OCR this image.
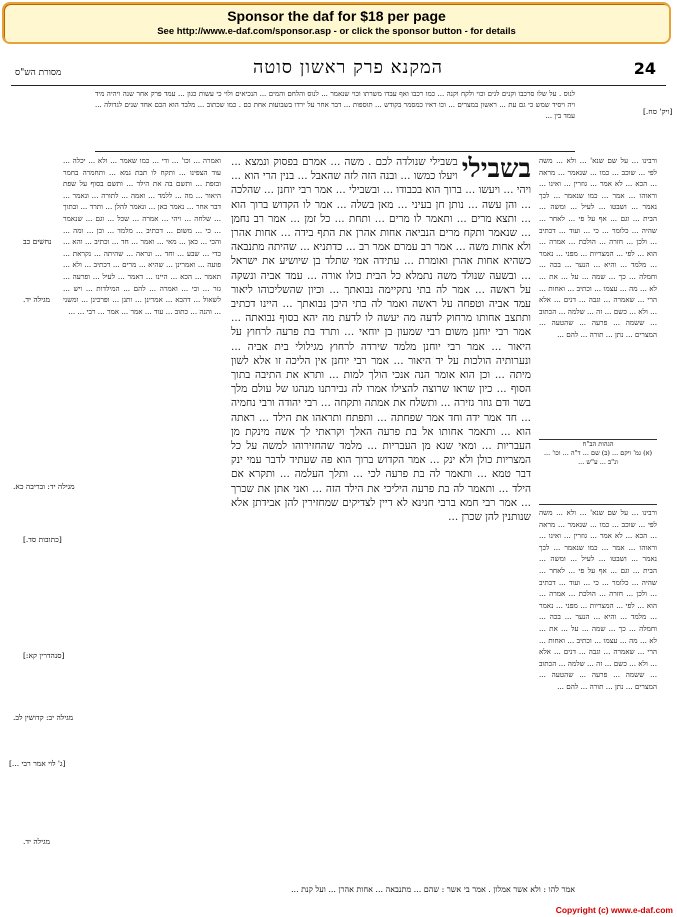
Sponsor the daf for $18 per page
See http://www.e-daf.com/sponsor.asp - or click the sponsor button - for details
24
המקנא פרק ראשון סוטה
מסורת הש"ס

לנוס . על שלו סרכבו וקנים לנים וכוי ולקח וקנה ... כמו רכבו ואף עבדו משרתו וכוי שנאמר ... לנוס והלחם והמים ... הנכיאים ולוי כי עשות כגון ... עמד פרק אחר שנה ויהיה מיד ויה ויסיד שמש כי גם עת ... ראשון במצרים ... וכו דאיו כמסמר בקודש ... תוספות ... דבר אחר על ירדו בשבועות אחת כם . כמו שכתוב ... מלבד הוא הכם אחד שנים לגדולה ... עמד בין ...

ואמרה ... וכו' ... ודי ... כמו שאמר ... ולא ... יכלה ... עוד הצפינו ... ותקח לו תבת גמא ... ותחמרה בחמר ובזפת ... ותשם בה את הילד ... ותשם בסוף על שפת היאור ... מה ... ללמד ... ואמה ... לתורה ... ונאמר ... דבר אחר ... נאמר כאן ... ונאמר להלן ... ותרד ... ובתוך ... שלחה ... ויהי ... אמרה ... שכל ... וגם ... שנאמר ... כי ... משום ... דכתיב ... מלמד ... וכן ... ומה ... והכי ... כאן ... מאי ... ואמר ... חד ... וכתיב ... והא ... כדי ... שבע ... וחד ... ונראה ... שהיתה ... נקראת ... פועה ... ואמרינן ... שהיא ... מרים ... דכתיב ... ולא ... תאמר ... הכא ... היינו ... דאמר ... לעיל ... ופרעה ... גזר ... וכי ... ואמרה ... להם ... המילדות ... ויש ... לשאול ... דהכא ... אמרינן ... ותנן ... ופרכינן ... ומשני ... והנה ... כתוב ... עוד ... אמר ... אמר ... רבי ... ...

בשבילי

בשבילי שנולדה לכם . משה ... אמרם בפסוק ונמצא ... ויעלו כמשו ... ובנה הזה לזה שהאבל ... בנין הרי הוא ... ויהי ... ויעשו ... ברוך הוא בכבודו ... ובשבילי ... אמר רבי יוחנן ... שהלכה ... והן עשה ... נותן חן בעיני ... מאן בשלה ... אמר לו הקדוש ברוך הוא ... ותצא מרים ... ותאמר לו מרים ... ותחת ... כל זמן ... אמר רב נחמן ... שנאמר ותקח מרים הנביאה אחות אהרן את התף בידה ... אחות אהרן ולא אחות משה ... אמר רב עמרם אמר רב ... כדתניא ... שהיתה מתנבאה כשהיא אחות אהרן ואומרת ... עתידה אמי שתלד בן שיושיע את ישראל ... ובשעה שנולד משה נתמלא כל הבית כולו אורה ... עמד אביה ונשקה על ראשה ... אמר לה בתי נתקיימה נבואתך ... וכיון שהשליכוהו ליאור עמד אביה וטפחה על ראשה ואמר לה בתי היכן נבואתך ... היינו דכתיב ותתצב אחותו מרחוק לדעה מה יעשה לו לדעת מה יהא בסוף נבואתה ... אמר רבי יוחנן משום רבי שמעון בן יוחאי ... ותרד בת פרעה לרחוץ על היאור ... אמר רבי יוחנן מלמד שירדה לרחוץ מגילולי בית אביה ... ונערותיה הולכות על יד היאור ... אמר רבי יוחנן אין הליכה זו אלא לשון מיתה ... וכן הוא אומר הנה אנכי הולך למות ... ותרא את התיבה בתוך הסוף ... כיון שראו שרוצה להצילו אמרו לה גבירתנו מנהגו של עולם מלך בשר ודם גוזר גזירה ... ותשלח את אמתה ותקחה ... רבי יהודה ורבי נחמיה ... חד אמר ידה וחד אמר שפחתה ... ותפתח ותראהו את הילד ... ראתה הוא ... ותאמר אחותו אל בת פרעה האלך וקראתי לך אשה מינקת מן העבריות ... ומאי שנא מן העבריות ... מלמד שהחזירוהו למשה על כל המצריות כולן ולא ינק ... אמר הקדוש ברוך הוא פה שעתיד לדבר עמי ינק דבר טמא ... ותאמר לה בת פרעה לכי ... ותלך העלמה ... ותקרא אם הילד ... ותאמר לה בת פרעה היליכי את הילד הזה ... ואני אתן את שכרך ... אמר רבי חמא ברבי חנינא לא דיין לצדיקים שמחזירין להן אבידתן אלא שנותנין להן שכרן ...

ורבינו ... על שם שנא' ... ולא ... משה לפי ... שוכב ... כמו ... שנאמר ... מראה ... הכא ... לא אמר ... גוזרין ... ואינו ... וראוהו ... אמר ... כמו שנאמר ... לכך נאמר ... ושבטו ... לעיל ... ומשה ... הבית ... וגם ... אף על פי ... לאחר ... שהיה ... כלומר ... כי ... ועוד ... דכתיב ... ולכן ... חזרה ... הולכת ... אמרה ... הוא ... לפי ... המצריות ... מפני ... נאמר ... מלמד ... והיא ... הנער ... בכה ... וחמלה ... כך ... שמה ... על ... את ... לא ... מה ... עצמו ... וכתיב ... ואחות ... הרי ... שאמרה ... וגבה ... דנים ... אלא ... ולא ... כשם ... זה ... שלמה ... הכתוב ... ששמה ... פרעה ... שהטעה ... המצרים ... נתן ... תורה ... להם ...

הגהות הב"ח
(א) גמ' ויקם ... (ב) שם ... ד"ה ... וכו' ... ונ"ב ... ע"ש ...

ורבינו ... על שם שנא' ... ולא ... משה לפי ... שוכב ... כמו ... שנאמר ... מראה ... הכא ... לא אמר ... גוזרין ... ואינו ... וראוהו ... אמר ... כמו שנאמר ... לכך נאמר ... ושבטו ... לעיל ... ומשה ... הבית ... וגם ... אף על פי ... לאחר ... שהיה ... כלומר ... כי ... ועוד ... דכתיב ... ולכן ... חזרה ... הולכת ... אמרה ... הוא ... לפי ... המצריות ... מפני ... נאמר ... מלמד ... והיא ... הנער ... בכה ... וחמלה ... כך ... שמה ... על ... את ... לא ... מה ... עצמו ... וכתיב ... ואחות ... הרי ... שאמרה ... וגבה ... דנים ... אלא ... ולא ... כשם ... זה ... שלמה ... הכתוב ... ששמה ... פרעה ... שהטעה ... המצרים ... נתן ... תורה ... להם ...

[ויק' סח.]
נחשים כב
מגילה יד.
מגילה יד: ובריבה כא.
[כתובות סד.]
[סנהדרין קא:]
מגילה יב: קדושין לב.
[ג' לוי אמר רבי ...]
מגילה יד.
אמר להו : ולא אשר אמלון . אמר בי אשר : שהם ... מתנבאה ... אחות אהרן ... ועל קנת ...
Copyright (c) www.e-daf.com
